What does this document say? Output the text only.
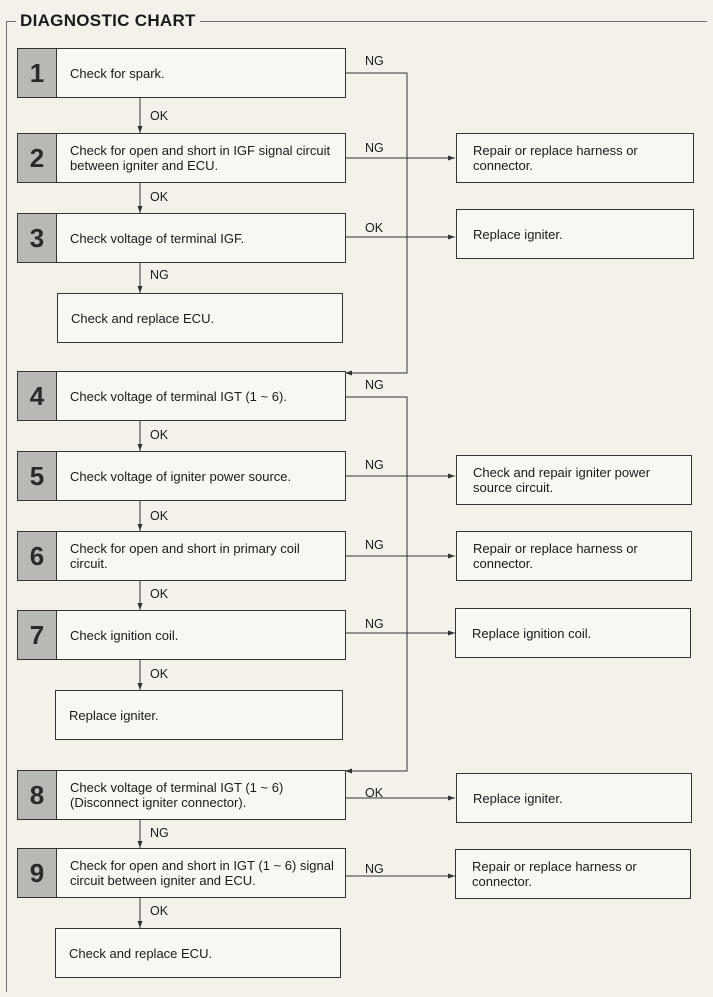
DIAGNOSTIC CHART
1	Check for spark.
2	Check for open and short in IGF signal circuit between igniter and ECU.
3	Check voltage of terminal IGF.
4	Check voltage of terminal IGT (1 ~ 6).
5	Check voltage of igniter power source.
6	Check for open and short in primary coil circuit.
7	Check ignition coil.
8	Check voltage of terminal IGT (1 ~ 6) (Disconnect igniter connector).
9	Check for open and short in IGT (1 ~ 6) signal circuit between igniter and ECU.
Check and replace ECU.
Replace igniter.
Check and replace ECU.
Repair or replace harness or connector.
Replace igniter.
Check and repair igniter power source circuit.
Repair or replace harness or connector.
Replace ignition coil.
Replace igniter.
Repair or replace harness or connector.
OK
NG
OK
NG
NG
OK
OK
NG
OK
NG
OK
NG
OK
NG
NG
OK
OK
NG
